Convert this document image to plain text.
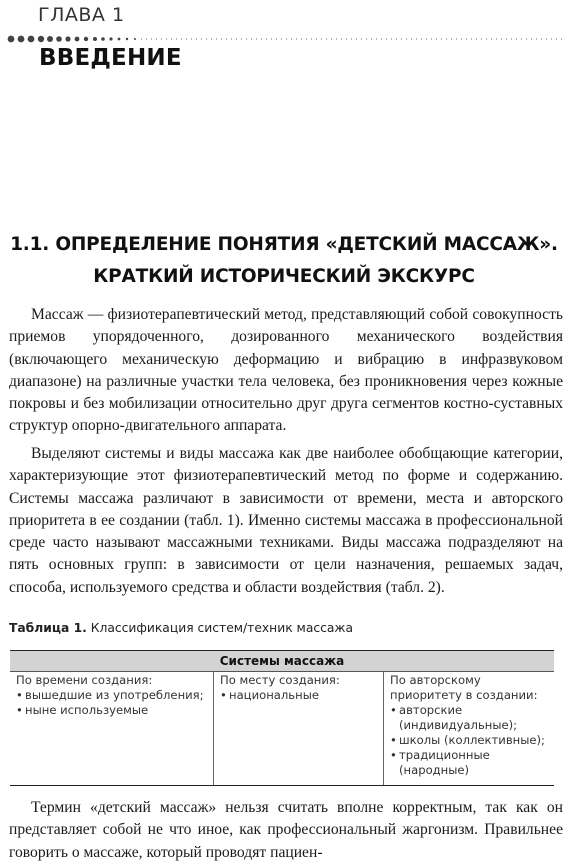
ГЛАВА 1
ВВЕДЕНИЕ
1.1. ОПРЕДЕЛЕНИЕ ПОНЯТИЯ «ДЕТСКИЙ МАССАЖ».
КРАТКИЙ ИСТОРИЧЕСКИЙ ЭКСКУРС

Массаж — физиотерапевтический метод, представляющий собой совокупность приемов упорядоченного, дозированного механического воздействия (включающего механическую деформацию и вибрацию в инфразвуковом диапазоне) на различные участки тела человека, без проникновения через кожные покровы и без мобилизации относительно друг друга сегментов костно-суставных структур опорно-двигательного аппарата.

Выделяют системы и виды массажа как две наиболее обобщающие категории, характеризующие этот физиотерапевтический метод по форме и содержанию. Системы массажа различают в зависимости от времени, места и авторского приоритета в ее создании (табл. 1). Именно системы массажа в профессиональной среде часто называют массажными техниками. Виды массажа подразделяют на пять основных групп: в зависимости от цели назначения, решаемых задач, способа, используемого средства и области воздействия (табл. 2).

Таблица 1. Классификация систем/техник массажа
Системы массажа
По времени создания:
• вышедшие из употребления;
• ныне используемые
По месту создания:
• национальные
По авторскому приоритету в создании:
• авторские (индивидуальные);
• школы (коллективные);
• традиционные (народные)

Термин «детский массаж» нельзя считать вполне корректным, так как он представляет собой не что иное, как профессиональный жаргонизм. Правильнее говорить о массаже, который проводят пациен-
